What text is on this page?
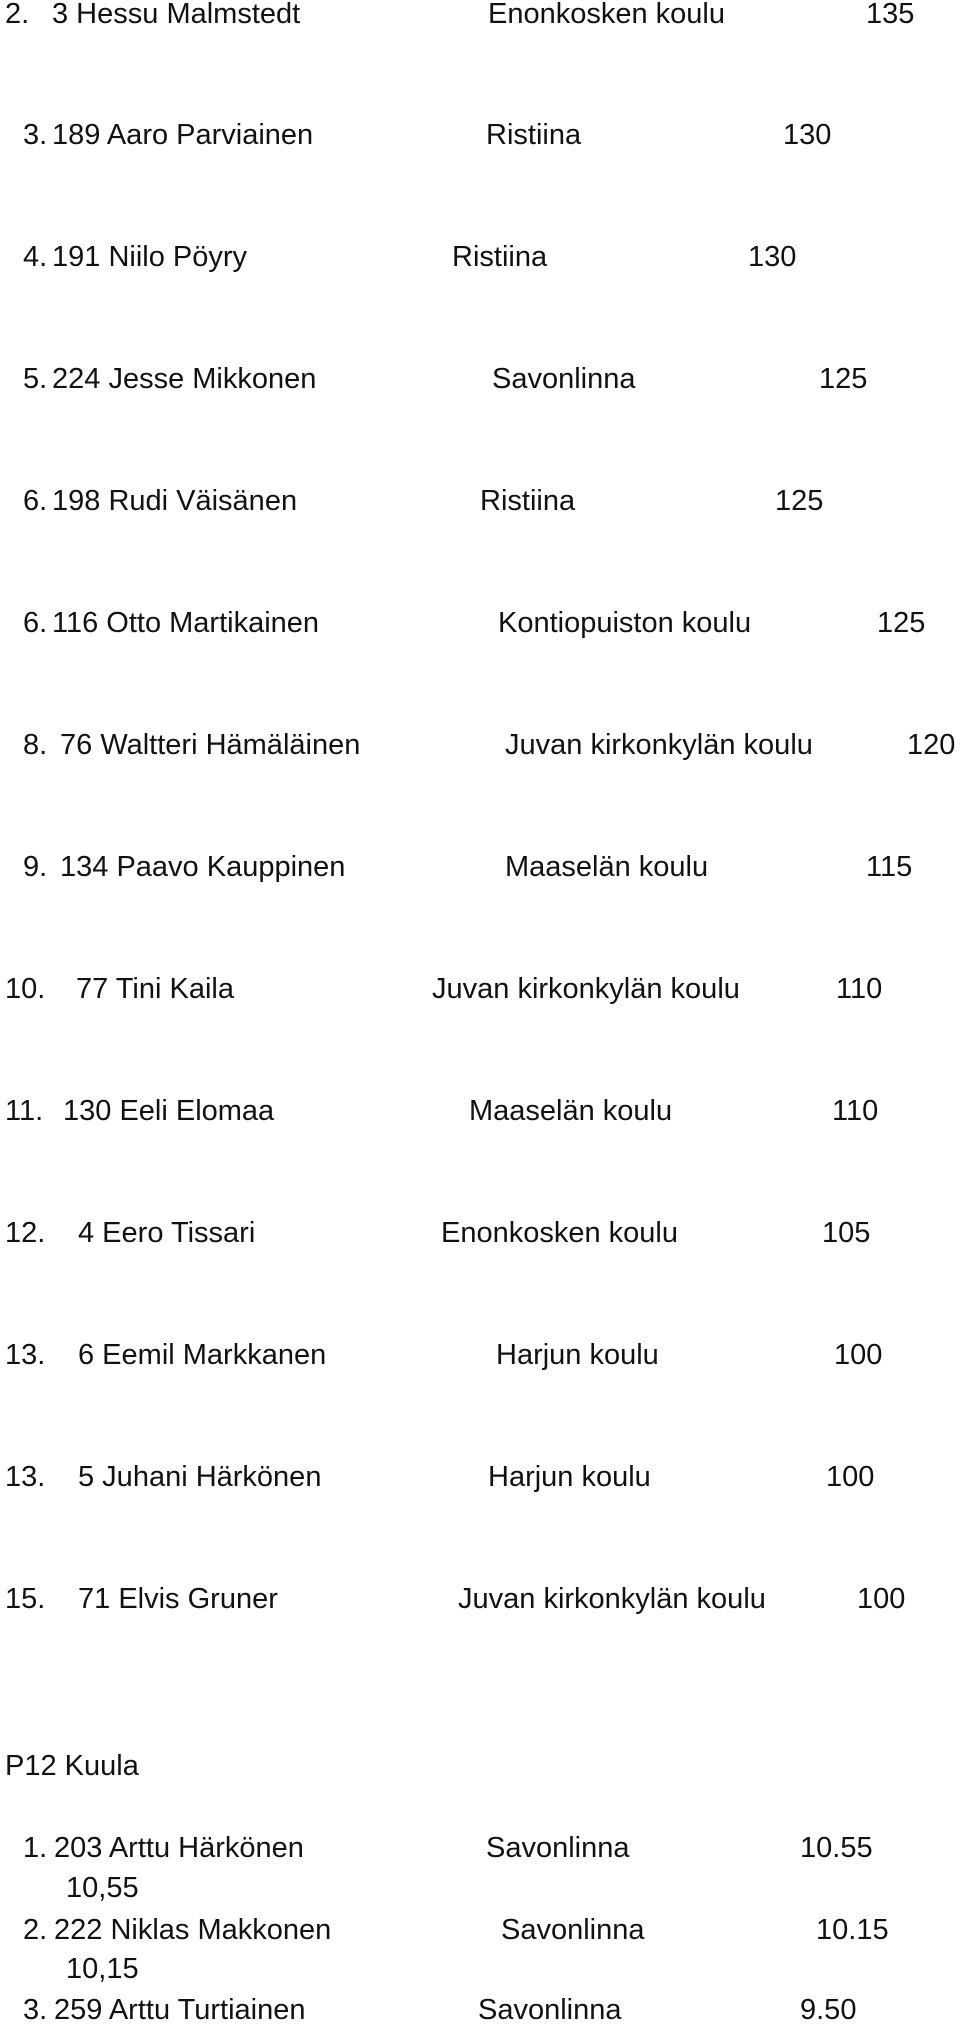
2. 3 Hessu Malmstedt	Enonkosken koulu	135
3. 189 Aaro Parviainen	Ristiina	130
4. 191 Niilo Pöyry	Ristiina	130
5. 224 Jesse Mikkonen	Savonlinna	125
6. 198 Rudi Väisänen	Ristiina	125
6. 116 Otto Martikainen	Kontiopuiston koulu	125
8. 76 Waltteri Hämäläinen	Juvan kirkonkylän koulu	120
9. 134 Paavo Kauppinen	Maaselän koulu	115
10. 77 Tini Kaila	Juvan kirkonkylän koulu	110
11. 130 Eeli Elomaa	Maaselän koulu	110
12. 4 Eero Tissari	Enonkosken koulu	105
13. 6 Eemil Markkanen	Harjun koulu	100
13. 5 Juhani Härkönen	Harjun koulu	100
15. 71 Elvis Gruner	Juvan kirkonkylän koulu	100
P12 Kuula
1. 203 Arttu Härkönen	Savonlinna	10.55
10,55
2. 222 Niklas Makkonen	Savonlinna	10.15
10,15
3. 259 Arttu Turtiainen	Savonlinna	9.50
